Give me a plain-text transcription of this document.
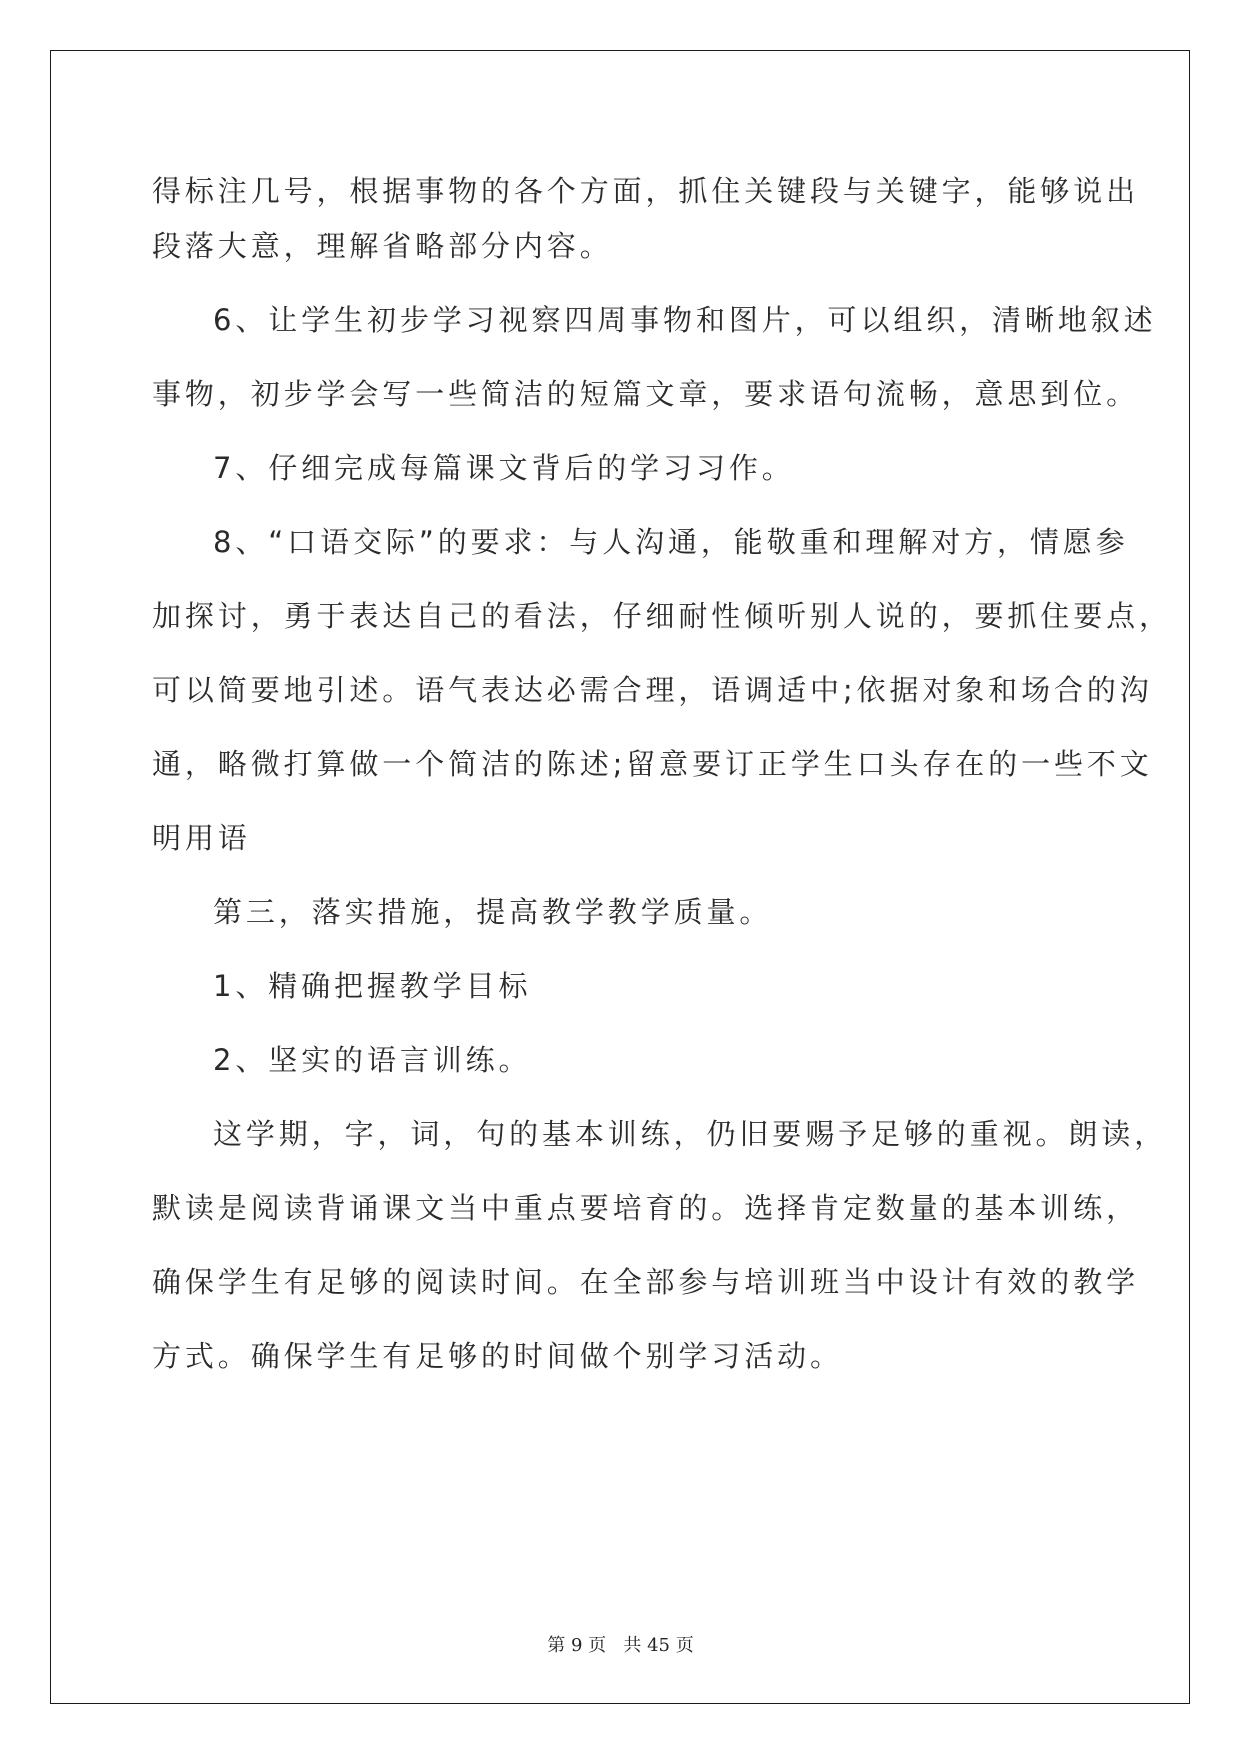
得标注几号，根据事物的各个方面，抓住关键段与关键字，能够说出
段落大意，理解省略部分内容。
6、让学生初步学习视察四周事物和图片，可以组织，清晰地叙述
事物，初步学会写一些简洁的短篇文章，要求语句流畅，意思到位。
7、仔细完成每篇课文背后的学习习作。
8、“口语交际”的要求：与人沟通，能敬重和理解对方，情愿参
加探讨，勇于表达自己的看法，仔细耐性倾听别人说的，要抓住要点，
可以简要地引述。语气表达必需合理，语调适中;依据对象和场合的沟
通，略微打算做一个简洁的陈述;留意要订正学生口头存在的一些不文
明用语
第三，落实措施，提高教学教学质量。
1、精确把握教学目标
2、坚实的语言训练。
这学期，字，词，句的基本训练，仍旧要赐予足够的重视。朗读，
默读是阅读背诵课文当中重点要培育的。选择肯定数量的基本训练，
确保学生有足够的阅读时间。在全部参与培训班当中设计有效的教学
方式。确保学生有足够的时间做个别学习活动。
第 9 页 共 45 页
